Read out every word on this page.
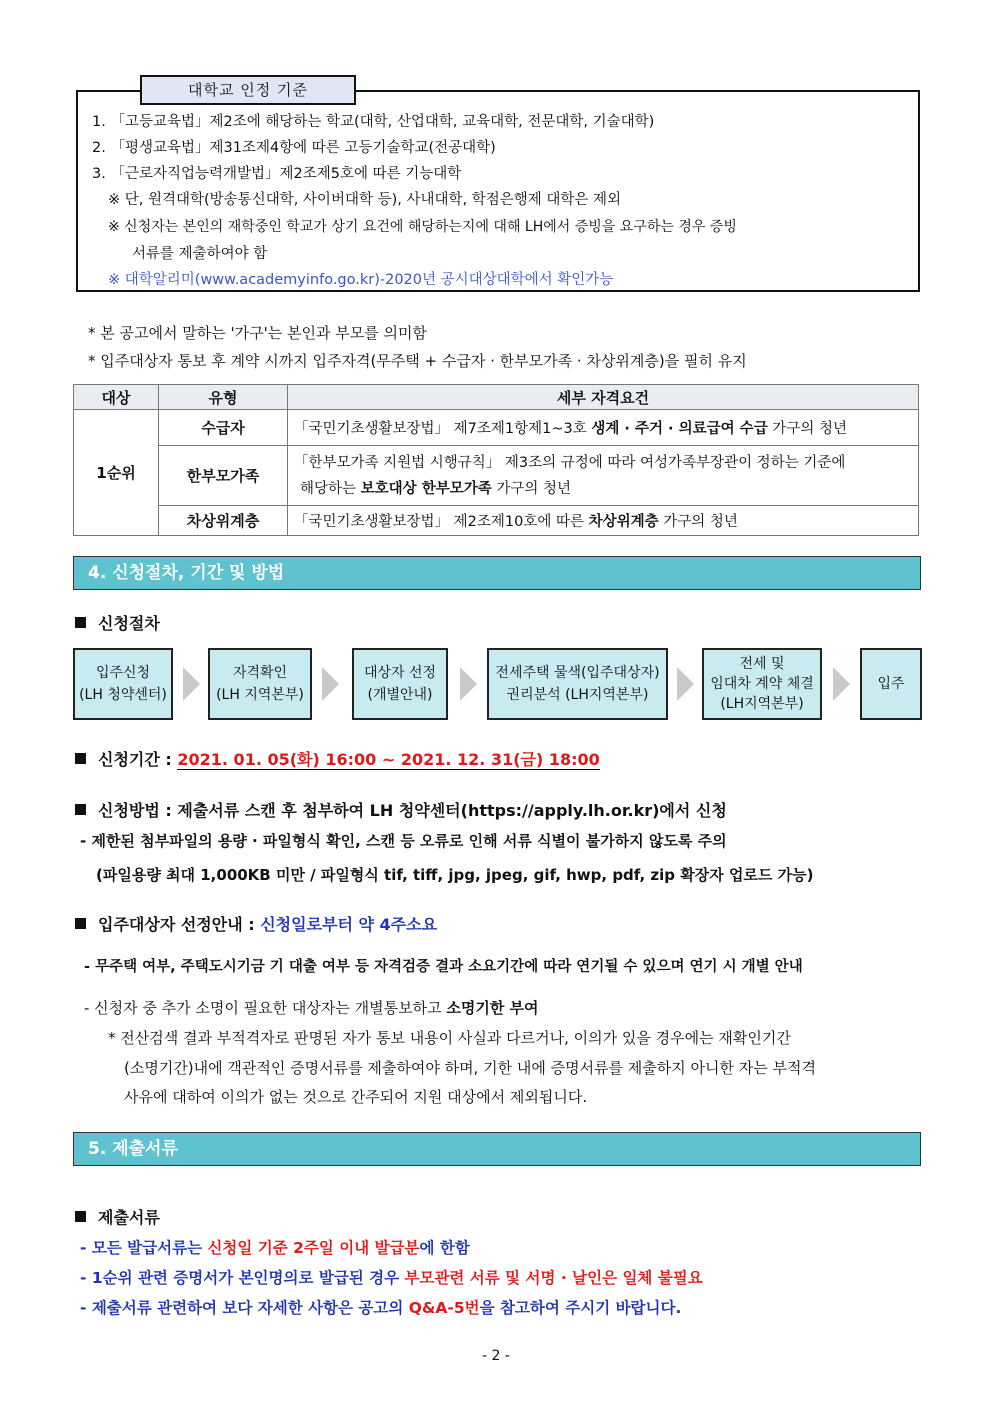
대학교 인정 기준
1. 「고등교육법」제2조에 해당하는 학교(대학, 산업대학, 교육대학, 전문대학, 기술대학)
2. 「평생교육법」제31조제4항에 따른 고등기술학교(전공대학)
3. 「근로자직업능력개발법」제2조제5호에 따른 기능대학
※ 단, 원격대학(방송통신대학, 사이버대학 등), 사내대학, 학점은행제 대학은 제외
※ 신청자는 본인의 재학중인 학교가 상기 요건에 해당하는지에 대해 LH에서 증빙을 요구하는 경우 증빙
서류를 제출하여야 함
※ 대학알리미(www.academyinfo.go.kr)-2020년 공시대상대학에서 확인가능
* 본 공고에서 말하는 '가구'는 본인과 부모를 의미함
* 입주대상자 통보 후 계약 시까지 입주자격(무주택 + 수급자 · 한부모가족 · 차상위계층)을 필히 유지
대상	유형	세부 자격요건
1순위	수급자	「국민기초생활보장법」 제7조제1항제1~3호 생계 · 주거 · 의료급여 수급 가구의 청년
	한부모가족	「한부모가족 지원법 시행규칙」 제3조의 규정에 따라 여성가족부장관이 정하는 기준에
해당하는 보호대상 한부모가족 가구의 청년

	차상위계층	「국민기초생활보장법」 제2조제10호에 따른 차상위계층 가구의 청년
4. 신청절차, 기간 및 방법
신청절차
입주신청
(LH 청약센터)
자격확인
(LH 지역본부)
대상자 선정
(개별안내)
전세주택 물색(입주대상자)
권리분석 (LH지역본부)
전세 및
임대차 계약 체결
(LH지역본부)
입주
신청기간 : 2021. 01. 05(화) 16:00 ~ 2021. 12. 31(금) 18:00
신청방법 : 제출서류 스캔 후 첨부하여 LH 청약센터(https://apply.lh.or.kr)에서 신청
- 제한된 첨부파일의 용량 · 파일형식 확인, 스캔 등 오류로 인해 서류 식별이 불가하지 않도록 주의
(파일용량 최대 1,000KB 미만 / 파일형식 tif, tiff, jpg, jpeg, gif, hwp, pdf, zip 확장자 업로드 가능)
입주대상자 선정안내 : 신청일로부터 약 4주소요
- 무주택 여부, 주택도시기금 기 대출 여부 등 자격검증 결과 소요기간에 따라 연기될 수 있으며 연기 시 개별 안내
- 신청자 중 추가 소명이 필요한 대상자는 개별통보하고 소명기한 부여
* 전산검색 결과 부적격자로 판명된 자가 통보 내용이 사실과 다르거나, 이의가 있을 경우에는 재확인기간
(소명기간)내에 객관적인 증명서류를 제출하여야 하며, 기한 내에 증명서류를 제출하지 아니한 자는 부적격
사유에 대하여 이의가 없는 것으로 간주되어 지원 대상에서 제외됩니다.
5. 제출서류
제출서류
- 모든 발급서류는 신청일 기준 2주일 이내 발급분에 한함
- 1순위 관련 증명서가 본인명의로 발급된 경우 부모관련 서류 및 서명 · 날인은 일체 불필요
- 제출서류 관련하여 보다 자세한 사항은 공고의 Q&A-5번을 참고하여 주시기 바랍니다.
- 2 -
